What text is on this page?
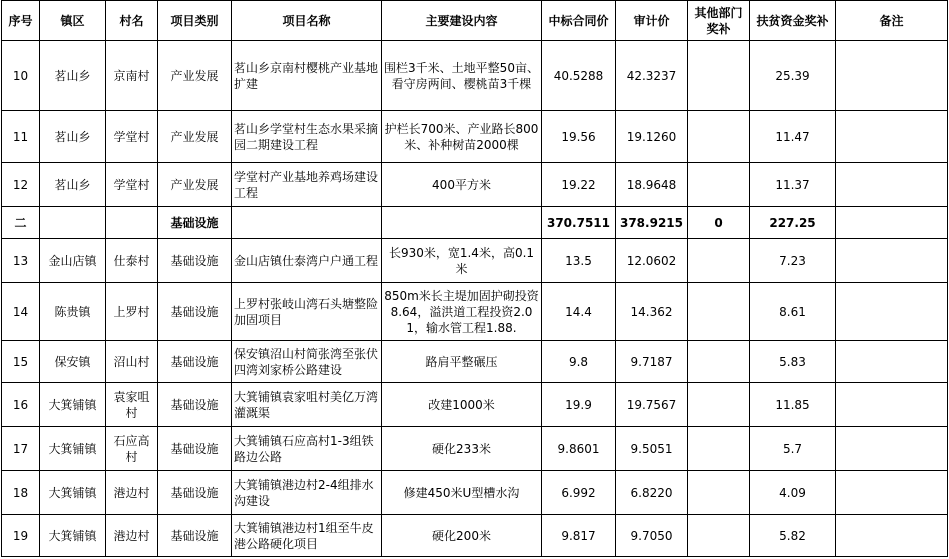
序号	镇区	村名	项目类别	项目名称	主要建设内容	中标合同价	审计价	其他部门奖补	扶贫资金奖补	备注
10	茗山乡	京南村	产业发展	茗山乡京南村樱桃产业基地扩建	围栏3千米、土地平整50亩、看守房两间、樱桃苗3千棵	40.5288	42.3237		25.39	
11	茗山乡	学堂村	产业发展	茗山乡学堂村生态水果采摘园二期建设工程	护栏长700米、产业路长800米、补种树苗2000棵	19.56	19.1260		11.47	
12	茗山乡	学堂村	产业发展	学堂村产业基地养鸡场建设工程	400平方米	19.22	18.9648		11.37	
二			基础设施			370.7511	378.9215	0	227.25	
13	金山店镇	仕泰村	基础设施	金山店镇仕泰湾户户通工程	长930米，宽1.4米，高0.1米	13.5	12.0602		7.23	
14	陈贵镇	上罗村	基础设施	上罗村张岐山湾石头塘整险加固项目	850m米长主堤加固护砌投资8.64，溢洪道工程投资2.01，输水管工程1.88.	14.4	14.362		8.61	
15	保安镇	沼山村	基础设施	保安镇沼山村简张湾至张伏四湾刘家桥公路建设	路肩平整碾压	9.8	9.7187		5.83	
16	大箕铺镇	袁家咀村	基础设施	大箕铺镇袁家咀村美亿万湾灌溉渠	改建1000米	19.9	19.7567		11.85	
17	大箕铺镇	石应高村	基础设施	大箕铺镇石应高村1-3组铁路边公路	硬化233米	9.8601	9.5051		5.7	
18	大箕铺镇	港边村	基础设施	大箕铺镇港边村2-4组排水沟建设	修建450米U型槽水沟	6.992	6.8220		4.09	
19	大箕铺镇	港边村	基础设施	大箕铺镇港边村1组至牛皮港公路硬化项目	硬化200米	9.817	9.7050		5.82	
